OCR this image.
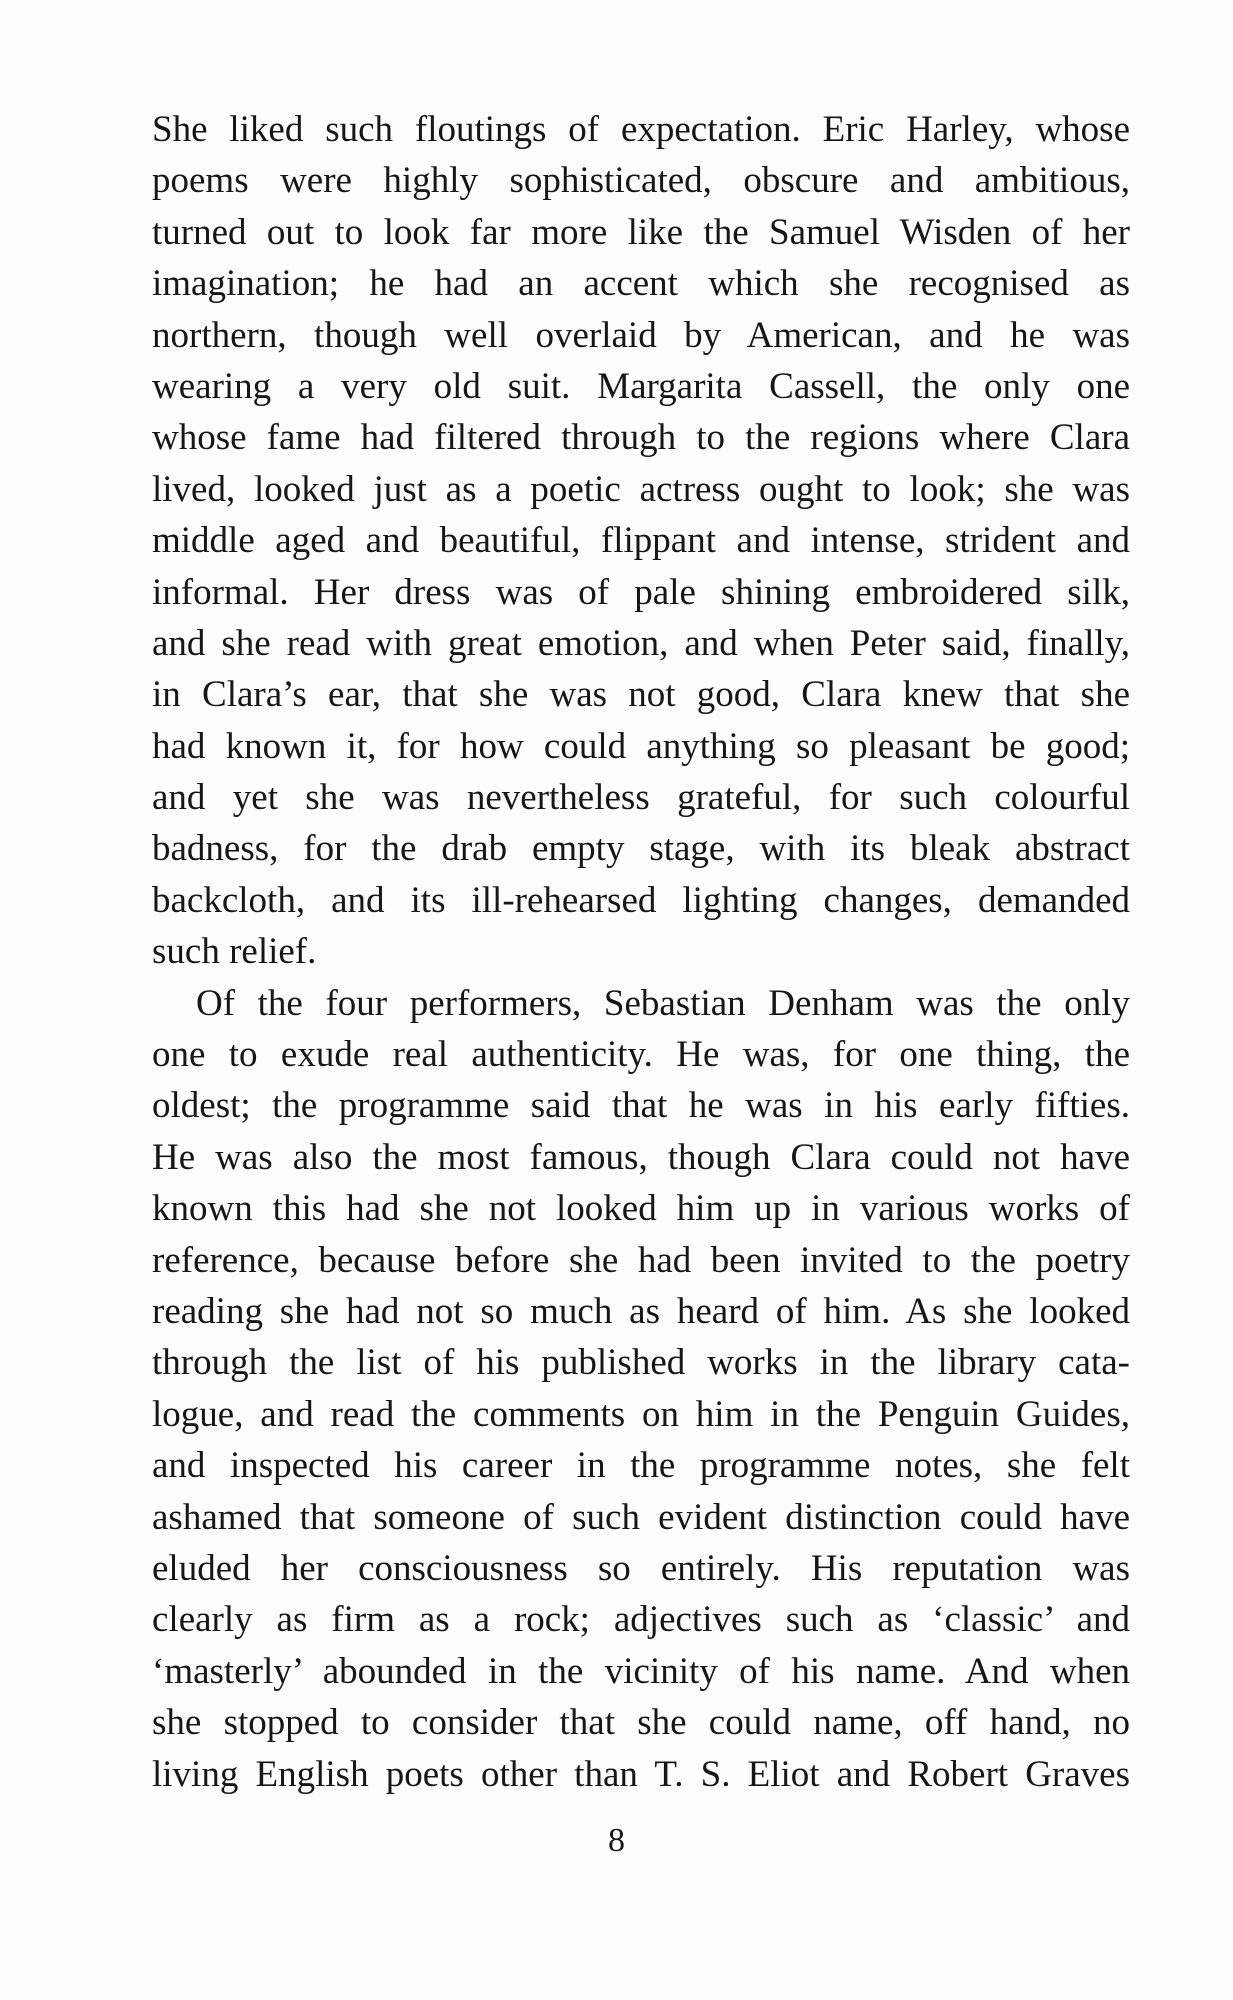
She liked such floutings of expectation. Eric Harley, whose
poems were highly sophisticated, obscure and ambitious,
turned out to look far more like the Samuel Wisden of her
imagination; he had an accent which she recognised as
northern, though well overlaid by American, and he was
wearing a very old suit. Margarita Cassell, the only one
whose fame had filtered through to the regions where Clara
lived, looked just as a poetic actress ought to look; she was
middle aged and beautiful, flippant and intense, strident and
informal. Her dress was of pale shining embroidered silk,
and she read with great emotion, and when Peter said, finally,
in Clara’s ear, that she was not good, Clara knew that she
had known it, for how could anything so pleasant be good;
and yet she was nevertheless grateful, for such colourful
badness, for the drab empty stage, with its bleak abstract
backcloth, and its ill-rehearsed lighting changes, demanded
such relief.
Of the four performers, Sebastian Denham was the only
one to exude real authenticity. He was, for one thing, the
oldest; the programme said that he was in his early fifties.
He was also the most famous, though Clara could not have
known this had she not looked him up in various works of
reference, because before she had been invited to the poetry
reading she had not so much as heard of him. As she looked
through the list of his published works in the library cata-
logue, and read the comments on him in the Penguin Guides,
and inspected his career in the programme notes, she felt
ashamed that someone of such evident distinction could have
eluded her consciousness so entirely. His reputation was
clearly as firm as a rock; adjectives such as ‘classic’ and
‘masterly’ abounded in the vicinity of his name. And when
she stopped to consider that she could name, off hand, no
living English poets other than T. S. Eliot and Robert Graves
8
